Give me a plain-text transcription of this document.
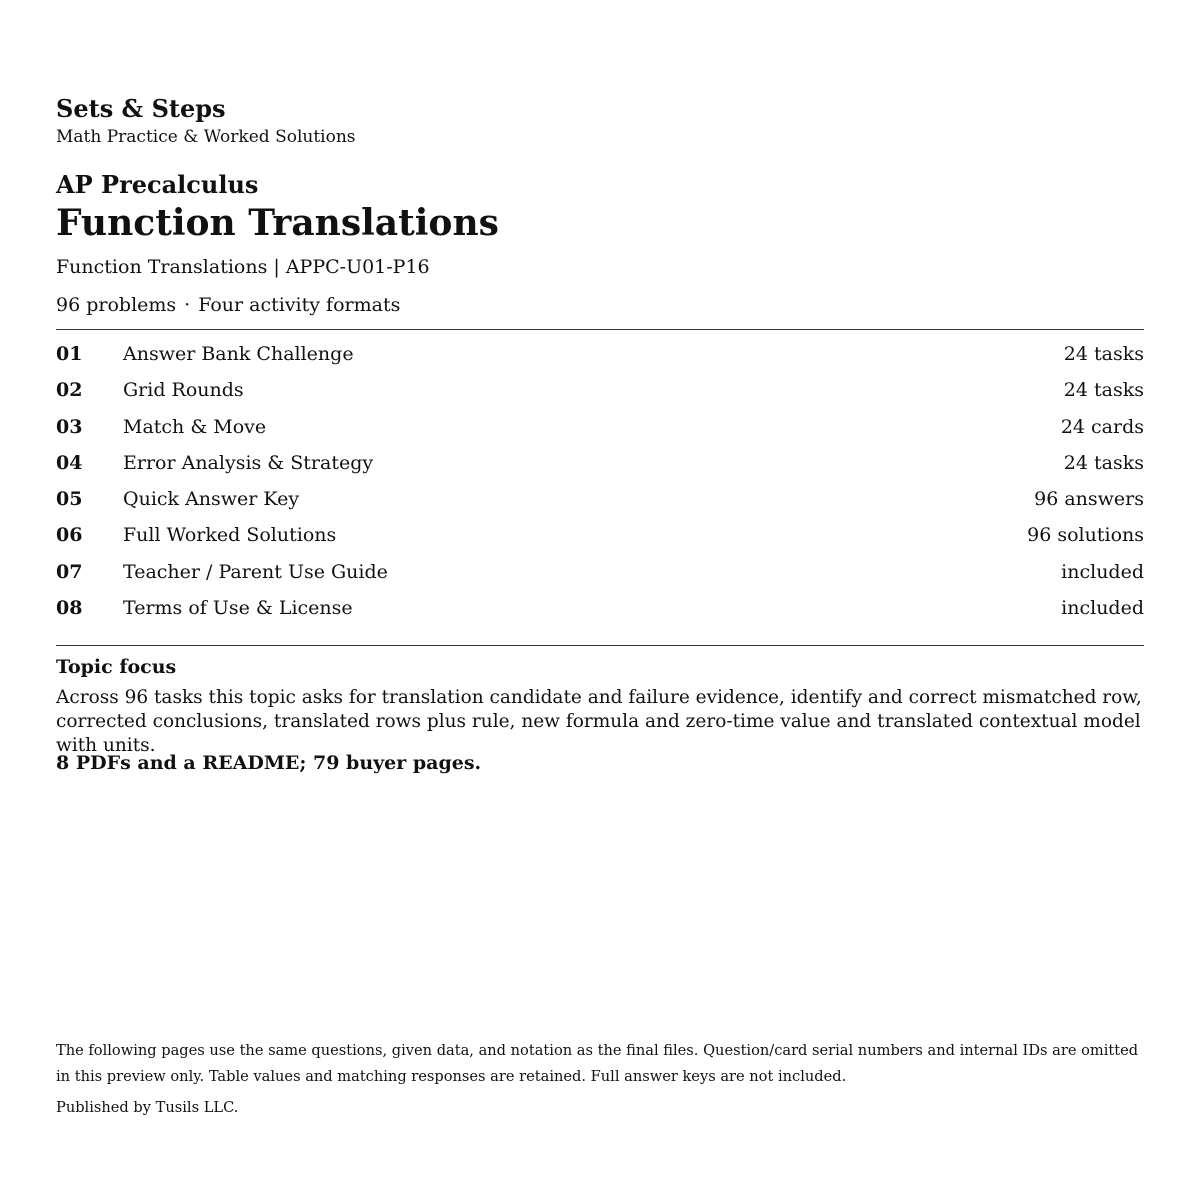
Sets & Steps
Math Practice & Worked Solutions
AP Precalculus
Function Translations
Function Translations | APPC-U01-P16
96 problems · Four activity formats
01 Answer Bank Challenge	24 tasks
02 Grid Rounds	24 tasks
03 Match & Move	24 cards
04 Error Analysis & Strategy	24 tasks
05 Quick Answer Key	96 answers
06 Full Worked Solutions	96 solutions
07 Teacher / Parent Use Guide	included
08 Terms of Use & License	included
Topic focus
Across 96 tasks this topic asks for translation candidate and failure evidence, identify and correct mismatched row, corrected conclusions, translated rows plus rule, new formula and zero-time value and translated contextual model with units.
8 PDFs and a README; 79 buyer pages.
The following pages use the same questions, given data, and notation as the final files. Question/card serial numbers and internal IDs are omitted in this preview only. Table values and matching responses are retained. Full answer keys are not included.
Published by Tusils LLC.
